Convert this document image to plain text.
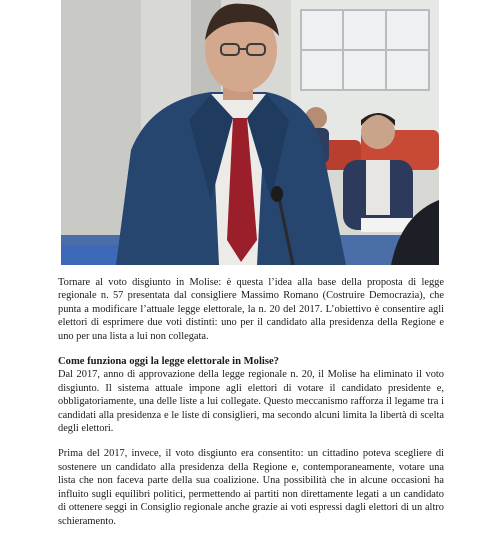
Tornare al voto disgiunto in Molise: è questa l’idea alla base della proposta di legge regionale n. 57 presentata dal consigliere Massimo Romano (Costruire Democrazia), che punta a modificare l’attuale legge elettorale, la n. 20 del 2017. L’obiettivo è consentire agli elettori di esprimere due voti distinti: uno per il candidato alla presidenza della Regione e uno per una lista a lui non collegata.

Come funziona oggi la legge elettorale in Molise?

Dal 2017, anno di approvazione della legge regionale n. 20, il Molise ha eliminato il voto disgiunto. Il sistema attuale impone agli elettori di votare il candidato presidente e, obbligatoriamente, una delle liste a lui collegate. Questo meccanismo rafforza il legame tra i candidati alla presidenza e le liste di consiglieri, ma secondo alcuni limita la libertà di scelta degli elettori.

Prima del 2017, invece, il voto disgiunto era consentito: un cittadino poteva scegliere di sostenere un candidato alla presidenza della Regione e, contemporaneamente, votare una lista che non faceva parte della sua coalizione. Una possibilità che in alcune occasioni ha influito sugli equilibri politici, permettendo ai partiti non direttamente legati a un candidato di ottenere seggi in Consiglio regionale anche grazie ai voti espressi dagli elettori di un altro schieramento.
